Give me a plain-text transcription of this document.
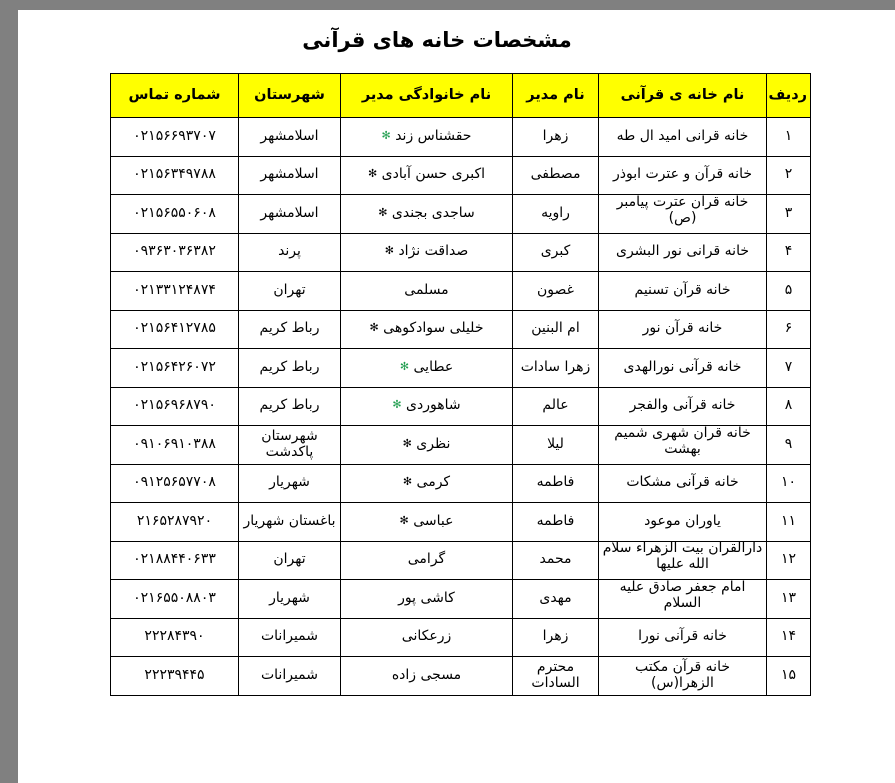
مشخصات خانه های قرآنی
ردیف	نام خانه ی قرآنی	نام مدیر	نام خانوادگی مدیر	شهرستان	شماره تماس
۱	خانه قرانی امید ال طه	زهرا	حقشناس زند ✻	اسلامشهر	۰۲۱۵۶۶۹۳۷۰۷
۲	خانه قرآن و عترت ابوذر	مصطفی	اکبری حسن آبادی ✻	اسلامشهر	۰۲۱۵۶۳۴۹۷۸۸
۳	خانه قران عترت پیامبر (ص)	راویه	ساجدی بجندی ✻	اسلامشهر	۰۲۱۵۶۵۵۰۶۰۸
۴	خانه قرانی نور البشری	کبری	صداقت نژاد ✻	پرند	۰۹۳۶۳۰۳۶۳۸۲
۵	خانه قرآن تسنیم	غصون	مسلمی	تهران	۰۲۱۳۳۱۲۴۸۷۴
۶	خانه قرآن نور	ام البنین	خلیلی سوادکوهی ✻	رباط کریم	۰۲۱۵۶۴۱۲۷۸۵
۷	خانه قرآنی نورالهدی	زهرا سادات	عطایی ✻	رباط کریم	۰۲۱۵۶۴۲۶۰۷۲
۸	خانه قرآنی والفجر	عالم	شاهوردی ✻	رباط کریم	۰۲۱۵۶۹۶۸۷۹۰
۹	خانه قران شهری شمیم بهشت	لیلا	نظری ✻	شهرستان پاکدشت	۰۹۱۰۶۹۱۰۳۸۸
۱۰	خانه قرآنی مشکات	فاطمه	کرمی ✻	شهریار	۰۹۱۲۵۶۵۷۷۰۸
۱۱	یاوران موعود	فاطمه	عباسی ✻	باغستان شهریار	۲۱۶۵۲۸۷۹۲۰
۱۲	دارالقران بیت الزهراء سلام الله علیها	محمد	گرامی	تهران	۰۲۱۸۸۴۴۰۶۳۳
۱۳	امام جعفر صادق علیه السلام	مهدی	کاشی پور	شهریار	۰۲۱۶۵۵۰۸۸۰۳
۱۴	خانه قرآنی نورا	زهرا	زرعکانی	شمیرانات	۲۲۲۸۴۳۹۰
۱۵	خانه قرآن مکتب الزهرا(س)	محترم السادات	مسجی زاده	شمیرانات	۲۲۲۳۹۴۴۵
